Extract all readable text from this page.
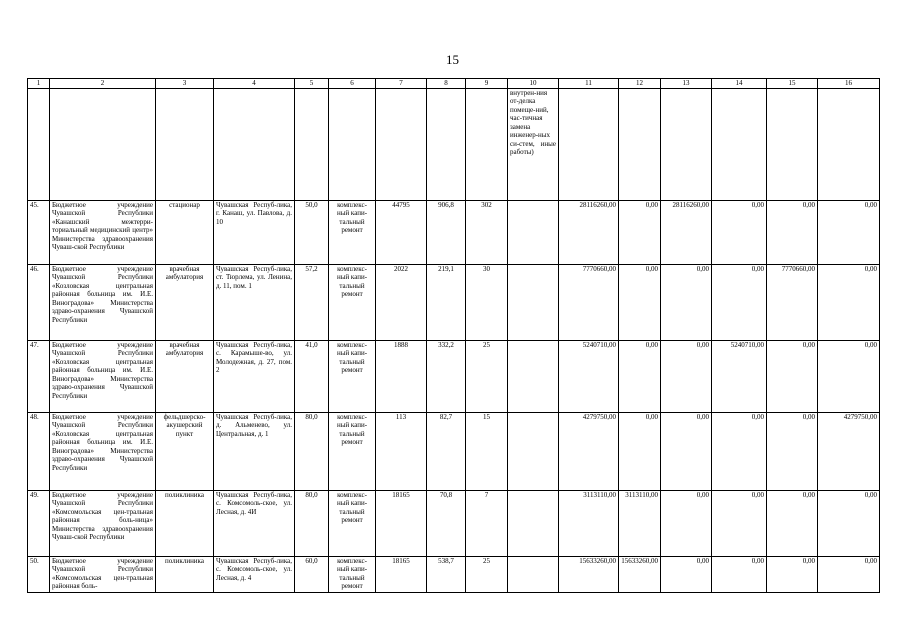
15
1	2	3	4	5	6	7	8	9	10	11	12	13	14	15	16
									внутрен-ния от-делка помеще-ний, час-тичная замена инженер-ных си-стем, иные работы)						
45.	Бюджетное учреждение Чувашской Республики «Канашский межтерри-ториальный медицинский центр» Министерства здравоохранения Чуваш-ской Республики	стационар	Чувашская Респуб-лика, г. Канаш, ул. Павлова, д. 10	50,0	комплекс-ный капи-тальный ремонт	44795	906,8	302		28116260,00	0,00	28116260,00	0,00	0,00	0,00
46.	Бюджетное учреждение Чувашской Республики «Козловская центральная районная больница им. И.Е. Виноградова» Министерства здраво-охранения Чувашской Республики	врачебная амбулатория	Чувашская Респуб-лика, ст. Тюрлема, ул. Ленина, д. 11, пом. 1	57,2	комплекс-ный капи-тальный ремонт	2022	219,1	30		7770660,00	0,00	0,00	0,00	7770660,00	0,00
47.	Бюджетное учреждение Чувашской Республики «Козловская центральная районная больница им. И.Е. Виноградова» Министерства здраво-охранения Чувашской Республики	врачебная амбулатория	Чувашская Респуб-лика, с. Карамышe-во, ул. Молодежная, д. 27, пом. 2	41,0	комплекс-ный капи-тальный ремонт	1888	332,2	25		5240710,00	0,00	0,00	5240710,00	0,00	0,00
48.	Бюджетное учреждение Чувашской Республики «Козловская центральная районная больница им. И.Е. Виноградова» Министерства здраво-охранения Чувашской Республики	фельдшерско-акушерский пункт	Чувашская Респуб-лика, д. Альменево, ул. Центральная, д. 1	80,0	комплекс-ный капи-тальный ремонт	113	82,7	15		4279750,00	0,00	0,00	0,00	0,00	4279750,00
49.	Бюджетное учреждение Чувашской Республики «Комсомольская цен-тральная районная боль-ница» Министерства здравоохранения Чуваш-ской Республики	поликлиника	Чувашская Респуб-лика, с. Комсомоль-ское, ул. Лесная, д. 4И	80,0	комплекс-ный капи-тальный ремонт	18165	70,8	7		3113110,00	3113110,00	0,00	0,00	0,00	0,00
50.	Бюджетное учреждение Чувашской Республики «Комсомольская цен-тральная районная боль-	поликлиника	Чувашская Респуб-лика, с. Комсомоль-ское, ул. Лесная, д. 4	60,0	комплекс-ный капи-тальный ремонт	18165	538,7	25		15633260,00	15633260,00	0,00	0,00	0,00	0,00
